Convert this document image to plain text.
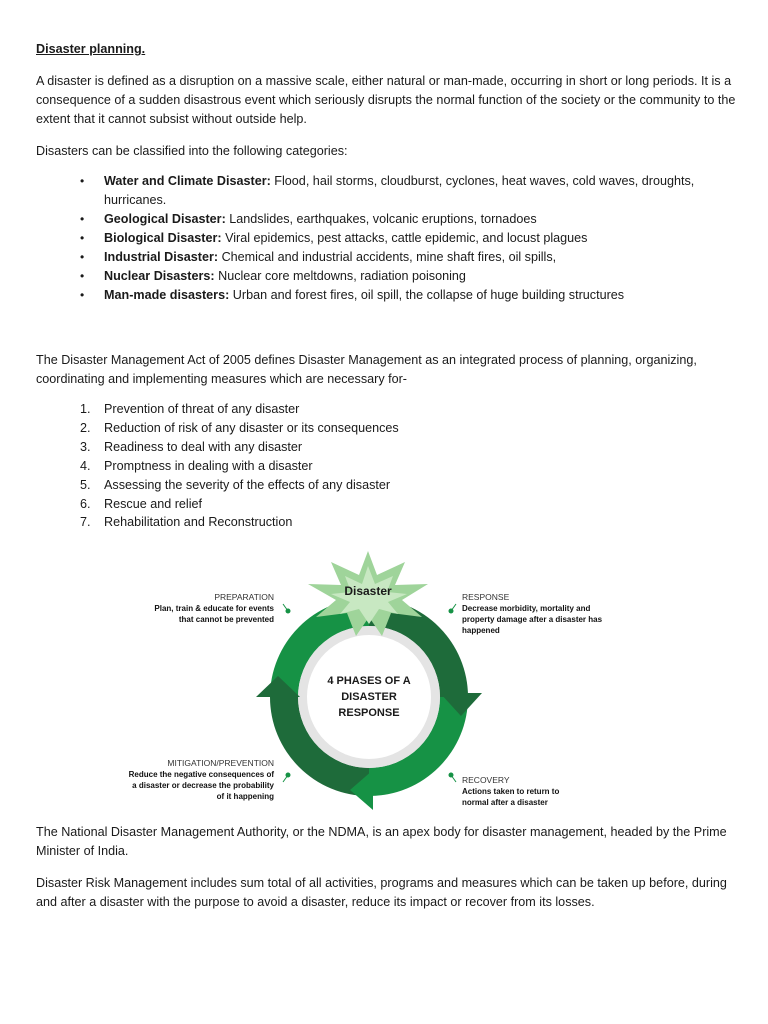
Disaster planning.

A disaster is defined as a disruption on a massive scale, either natural or man-made, occurring in short or long periods. It is a consequence of a sudden disastrous event which seriously disrupts the normal function of the society or the community to the extent that it cannot subsist without outside help.

Disasters can be classified into the following categories:

• Water and Climate Disaster: Flood, hail storms, cloudburst, cyclones, heat waves, cold waves, droughts, hurricanes.
• Geological Disaster: Landslides, earthquakes, volcanic eruptions, tornadoes
• Biological Disaster: Viral epidemics, pest attacks, cattle epidemic, and locust plagues
• Industrial Disaster: Chemical and industrial accidents, mine shaft fires, oil spills,
• Nuclear Disasters: Nuclear core meltdowns, radiation poisoning
• Man-made disasters: Urban and forest fires, oil spill, the collapse of huge building structures

The Disaster Management Act of 2005 defines Disaster Management as an integrated process of planning, organizing, coordinating and implementing measures which are necessary for-

1. Prevention of threat of any disaster
2. Reduction of risk of any disaster or its consequences
3. Readiness to deal with any disaster
4. Promptness in dealing with a disaster
5. Assessing the severity of the effects of any disaster
6. Rescue and relief
7. Rehabilitation and Reconstruction

The National Disaster Management Authority, or the NDMA, is an apex body for disaster management, headed by the Prime Minister of India.

Disaster Risk Management includes sum total of all activities, programs and measures which can be taken up before, during and after a disaster with the purpose to avoid a disaster, reduce its impact or recover from its losses.

Disaster
4 PHASES OF A
DISASTER
RESPONSE
PREPARATION
Plan, train & educate for events
that cannot be prevented
RESPONSE
Decrease morbidity, mortality and
property damage after a disaster has
happened
MITIGATION/PREVENTION
Reduce the negative consequences of
a disaster or decrease the probability
of it happening
RECOVERY
Actions taken to return to
normal after a disaster
